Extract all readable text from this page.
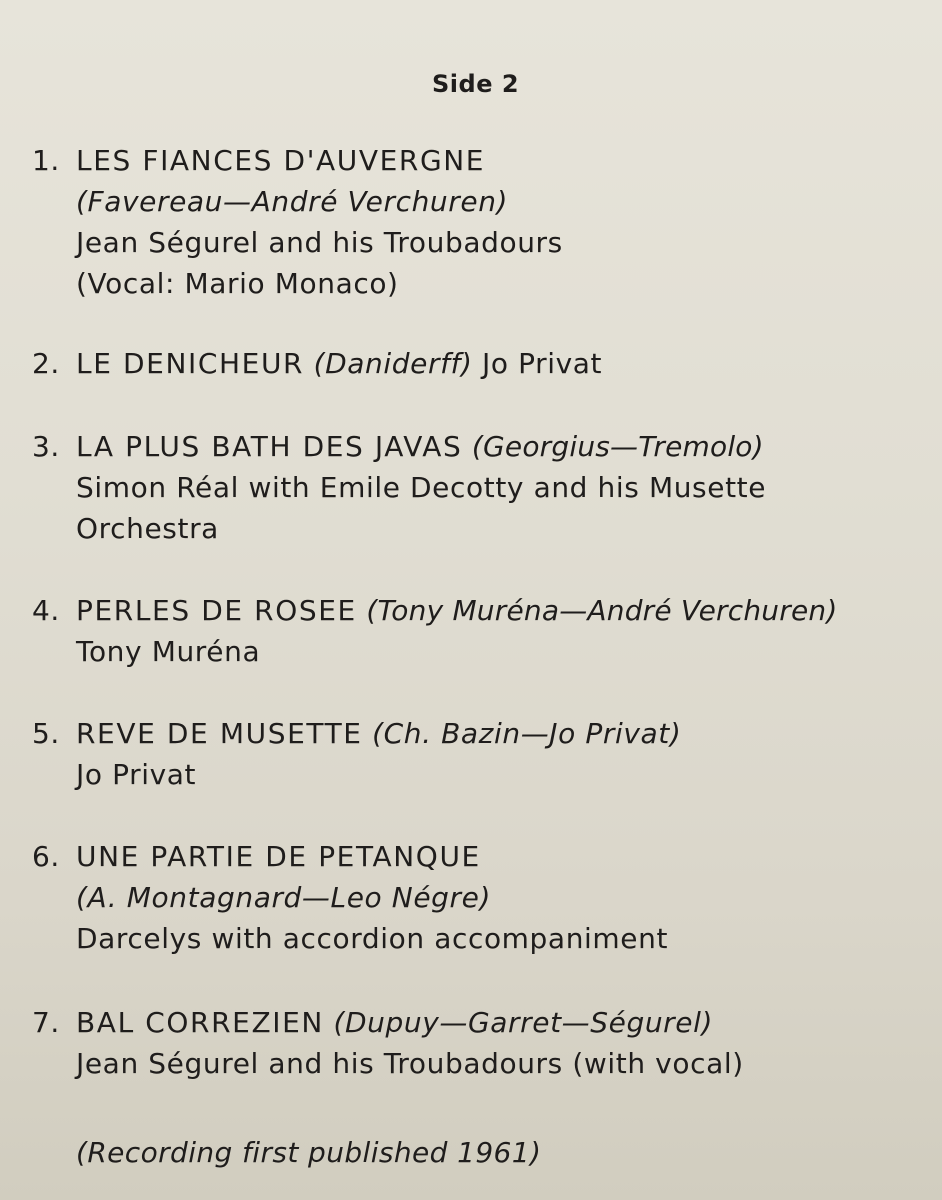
Side 2
1. LES FIANCES D'AUVERGNE
(Favereau—André Verchuren)
Jean Ségurel and his Troubadours
(Vocal: Mario Monaco)
2. LE DENICHEUR (Daniderff) Jo Privat
3. LA PLUS BATH DES JAVAS (Georgius—Tremolo)
Simon Réal with Emile Decotty and his Musette
Orchestra
4. PERLES DE ROSEE (Tony Muréna—André Verchuren)
Tony Muréna
5. REVE DE MUSETTE (Ch. Bazin—Jo Privat)
Jo Privat
6. UNE PARTIE DE PETANQUE
(A. Montagnard—Leo Négre)
Darcelys with accordion accompaniment
7. BAL CORREZIEN (Dupuy—Garret—Ségurel)
Jean Ségurel and his Troubadours (with vocal)
(Recording first published 1961)
